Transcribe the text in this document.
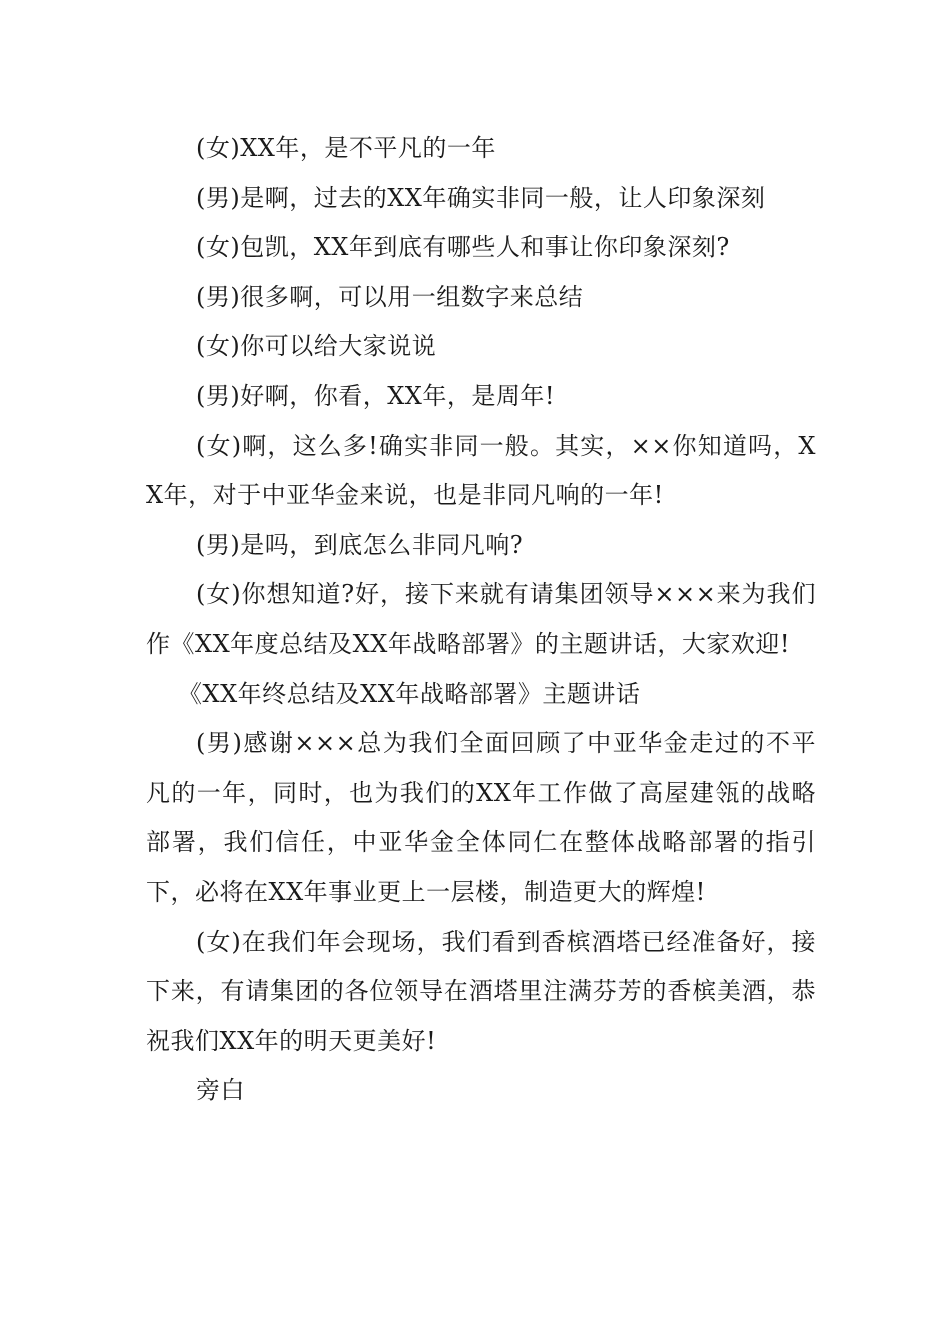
(女)XX年，是不平凡的一年

(男)是啊，过去的XX年确实非同一般，让人印象深刻

(女)包凯，XX年到底有哪些人和事让你印象深刻?

(男)很多啊，可以用一组数字来总结

(女)你可以给大家说说

(男)好啊，你看，XX年，是周年!

(女)啊，这么多!确实非同一般。其实，××你知道吗，XX年，对于中亚华金来说，也是非同凡响的一年!

(男)是吗，到底怎么非同凡响?

(女)你想知道?好，接下来就有请集团领导×××来为我们作《XX年度总结及XX年战略部署》的主题讲话，大家欢迎!

《XX年终总结及XX年战略部署》主题讲话

(男)感谢×××总为我们全面回顾了中亚华金走过的不平凡的一年，同时，也为我们的XX年工作做了高屋建瓴的战略部署，我们信任，中亚华金全体同仁在整体战略部署的指引下，必将在XX年事业更上一层楼，制造更大的辉煌!

(女)在我们年会现场，我们看到香槟酒塔已经准备好，接下来，有请集团的各位领导在酒塔里注满芬芳的香槟美酒，恭祝我们XX年的明天更美好!

旁白
